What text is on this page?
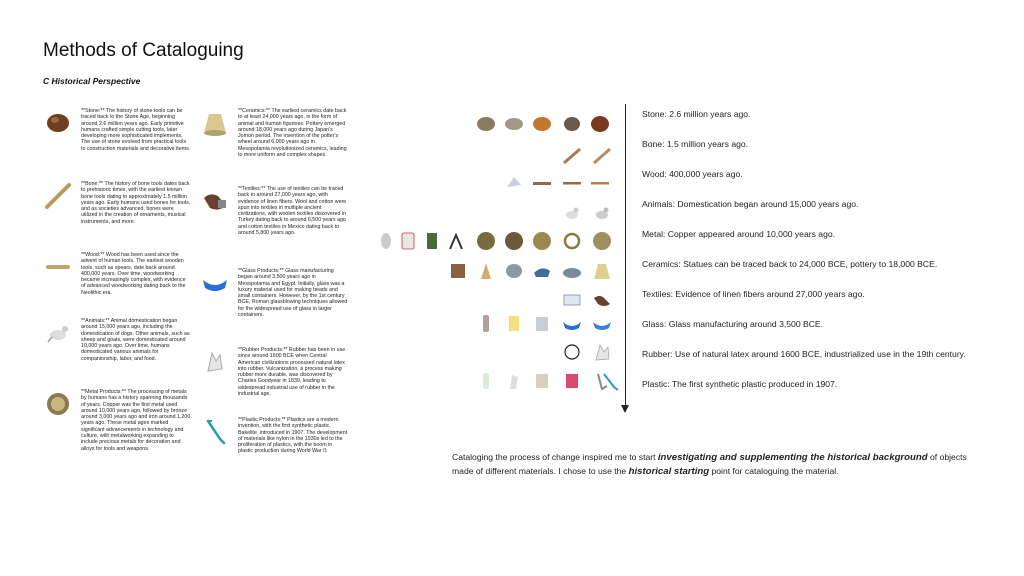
Methods of Cataloguing
C Historical Perspective
**Stone:** The history of stone tools can be traced back to the Stone Age, beginning around 2.6 million years ago. Early primitive humans crafted simple cutting tools, later developing more sophisticated implements. The use of stone evolved from practical tools to construction materials and decorative items.
**Bone:** The history of bone tools dates back to prehistoric times, with the earliest known bone tools dating to approximately 1.5 million years ago. Early humans used bones for tools, and as societies advanced, bones were utilized in the creation of ornaments, musical instruments, and more.
**Wood:** Wood has been used since the advent of human tools. The earliest wooden tools, such as spears, date back around 400,000 years. Over time, woodworking became increasingly complex, with evidence of advanced woodworking dating back to the Neolithic era.
**Animals:** Animal domestication began around 15,000 years ago, including the domestication of dogs. Other animals, such as sheep and goats, were domesticated around 10,000 years ago. Over time, humans domesticated various animals for companionship, labor, and food.
**Metal Products:** The processing of metals by humans has a history spanning thousands of years. Copper was the first metal used around 10,000 years ago, followed by bronze around 3,000 years ago and iron around 1,200 years ago. These metal ages marked significant advancements in technology and culture, with metalworking expanding to include precious metals for decoration and alloys for tools and weapons.
**Ceramics:** The earliest ceramics date back to at least 24,000 years ago, in the form of animal and human figurines. Pottery emerged around 18,000 years ago during Japan's Jomon period. The invention of the potter's wheel around 6,000 years ago in Mesopotamia revolutionized ceramics, leading to more uniform and complex shapes.
**Textiles:** The use of textiles can be traced back to around 27,000 years ago, with evidence of linen fibers. Wool and cotton were spun into textiles in multiple ancient civilizations, with woolen textiles discovered in Turkey dating back to around 6,500 years ago and cotton textiles in Mexico dating back to around 5,800 years ago.
**Glass Products:** Glass manufacturing began around 3,500 years ago in Mesopotamia and Egypt. Initially, glass was a luxury material used for making beads and small containers. However, by the 1st century BCE, Roman glassblowing techniques allowed for the widespread use of glass in larger containers.
**Rubber Products:** Rubber has been in use since around 1600 BCE when Central American civilizations processed natural latex into rubber. Vulcanization, a process making rubber more durable, was discovered by Charles Goodyear in 1839, leading to widespread industrial use of rubber in the industrial age.
**Plastic Products:** Plastics are a modern invention, with the first synthetic plastic, Bakelite, introduced in 1907. The development of materials like nylon in the 1930s led to the proliferation of plastics, with the boom in plastic production during World War II.
Stone: 2.6 million years ago.
Bone: 1.5 million years ago.
Wood: 400,000 years ago.
Animals: Domestication began around 15,000 years ago.
Metal: Copper appeared around 10,000 years ago.
Ceramics: Statues can be traced back to 24,000 BCE, pottery to 18,000 BCE.
Textiles: Evidence of linen fibers around 27,000 years ago.
Glass: Glass manufacturing around 3,500 BCE.
Rubber: Use of natural latex around 1600 BCE, industrialized use in the 19th century.
Plastic: The first synthetic plastic produced in 1907.
Cataloging the process of change inspired me to start investigating and supplementing the historical background of objects made of different materials. I chose to use the historical starting point for cataloguing the material.
